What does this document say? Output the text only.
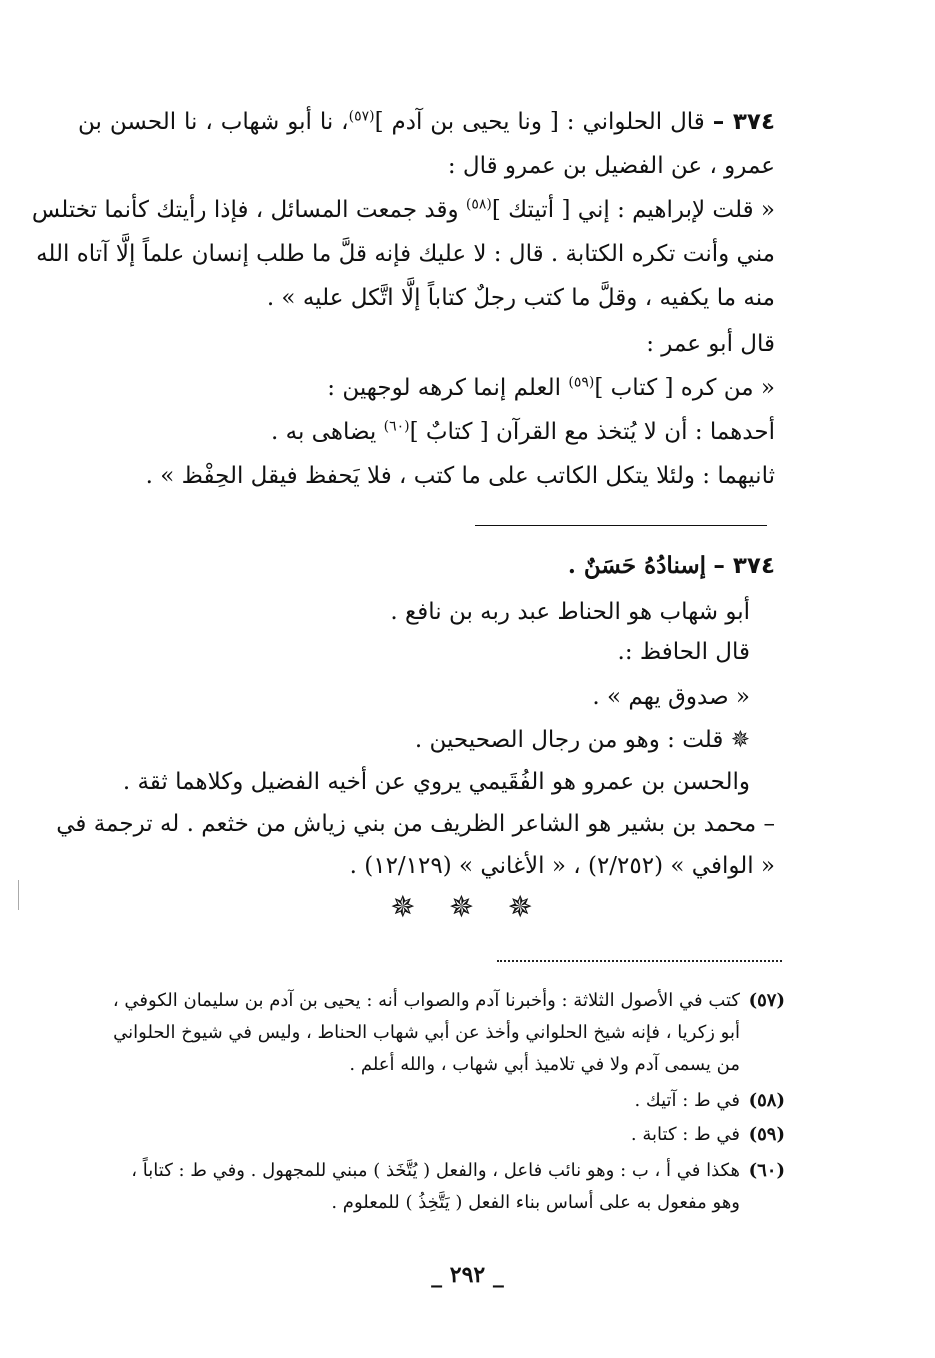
٣٧٤ – قال الحلواني : [ ونا يحيى بن آدم ]$^{(٥٧)}$، نا أبو شهاب ، نا الحسن بن
عمرو ، عن الفضيل بن عمرو قال :
« قلت لإبراهيم : إني [ أتيتك ]$^{(٥٨)}$ وقد جمعت المسائل ، فإذا رأيتك كأنما تختلس
مني وأنت تكره الكتابة . قال : لا عليك فإنه قلَّ ما طلب إنسان علماً إلَّا آتاه الله
منه ما يكفيه ، وقلَّ ما كتب رجلٌ كتاباً إلَّا اتَّكل عليه » .
قال أبو عمر :
« من كره [ كتاب ]$^{(٥٩)}$ العلم إنما كرهه لوجهين :
أحدهما : أن لا يُتخذ مع القرآن [ كتابٌ ]$^{(٦٠)}$ يضاهى به .
ثانيهما : ولئلا يتكل الكاتب على ما كتب ، فلا يَحفظ فيقل الحِفْظ » .
٣٧٤ – إسنادُهُ حَسَنٌ .
أبو شهاب هو الحناط عبد ربه بن نافع .
قال الحافظ :.
« صدوق يهم » .
✵ قلت : وهو من رجال الصحيحين .
والحسن بن عمرو هو الفُقَيمي يروي عن أخيه الفضيل وكلاهما ثقة .
– محمد بن بشير هو الشاعر الظريف من بني زياش من خثعم . له ترجمة في
« الوافي » (٢/٢٥٢) ، « الأغاني » (١٢/١٢٩) .
✵ ✵ ✵
(٥٧)
كتب في الأصول الثلاثة : وأخبرنا آدم والصواب أنه : يحيى بن آدم بن سليمان الكوفي ،
أبو زكريا ، فإنه شيخ الحلواني وأخذ عن أبي شهاب الحناط ، وليس في شيوخ الحلواني
من يسمى آدم ولا في تلاميذ أبي شهاب ، والله أعلم .
(٥٨)
في ط : آتيك .
(٥٩)
في ط : كتابة .
(٦٠)
هكذا في أ ، ب : وهو نائب فاعل ، والفعل ( يُتَّخَذ ) مبني للمجهول . وفي ط : كتاباً ،
وهو مفعول به على أساس بناء الفعل ( يَتَّخِذُ ) للمعلوم .
_ ٢٩٢ _
